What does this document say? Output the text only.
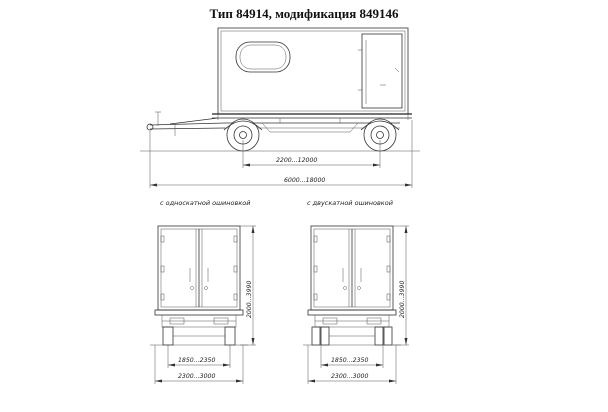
Тип 84914, модификация 849146
2200...12000
6000...18000
с односкатной ошиновкой
2000...3990
1850...2350
2300...3000
с двускатной ошиновкой
2000...3990
1850...2350
2300...3000
